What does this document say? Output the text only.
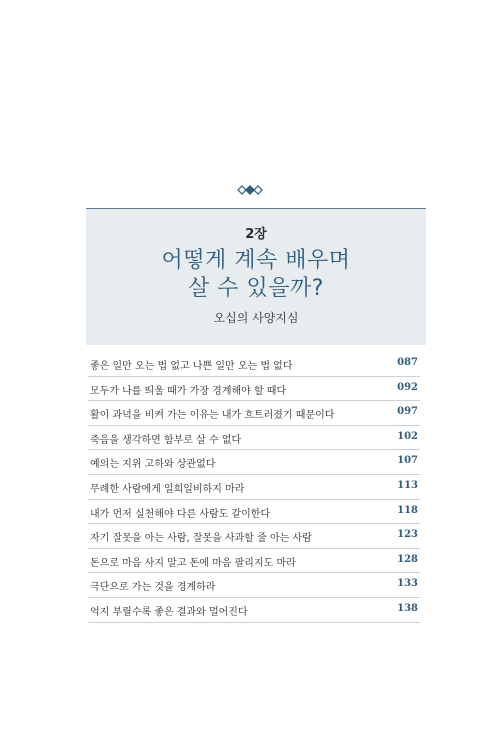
2장
어떻게 계속 배우며
살 수 있을까?
오십의 사양지심
좋은 일만 오는 법 없고 나쁜 일만 오는 법 없다	087
모두가 나를 띄울 때가 가장 경계해야 할 때다	092
활이 과녁을 비켜 가는 이유는 내가 흐트러졌기 때문이다	097
죽음을 생각하면 함부로 살 수 없다	102
예의는 지위 고하와 상관없다	107
무례한 사람에게 일희일비하지 마라	113
내가 먼저 실천해야 다른 사람도 같이한다	118
자기 잘못을 아는 사람, 잘못을 사과할 줄 아는 사람	123
돈으로 마음 사지 말고 돈에 마음 팔리지도 마라	128
극단으로 가는 것을 경계하라	133
억지 부릴수록 좋은 결과와 멀어진다	138
